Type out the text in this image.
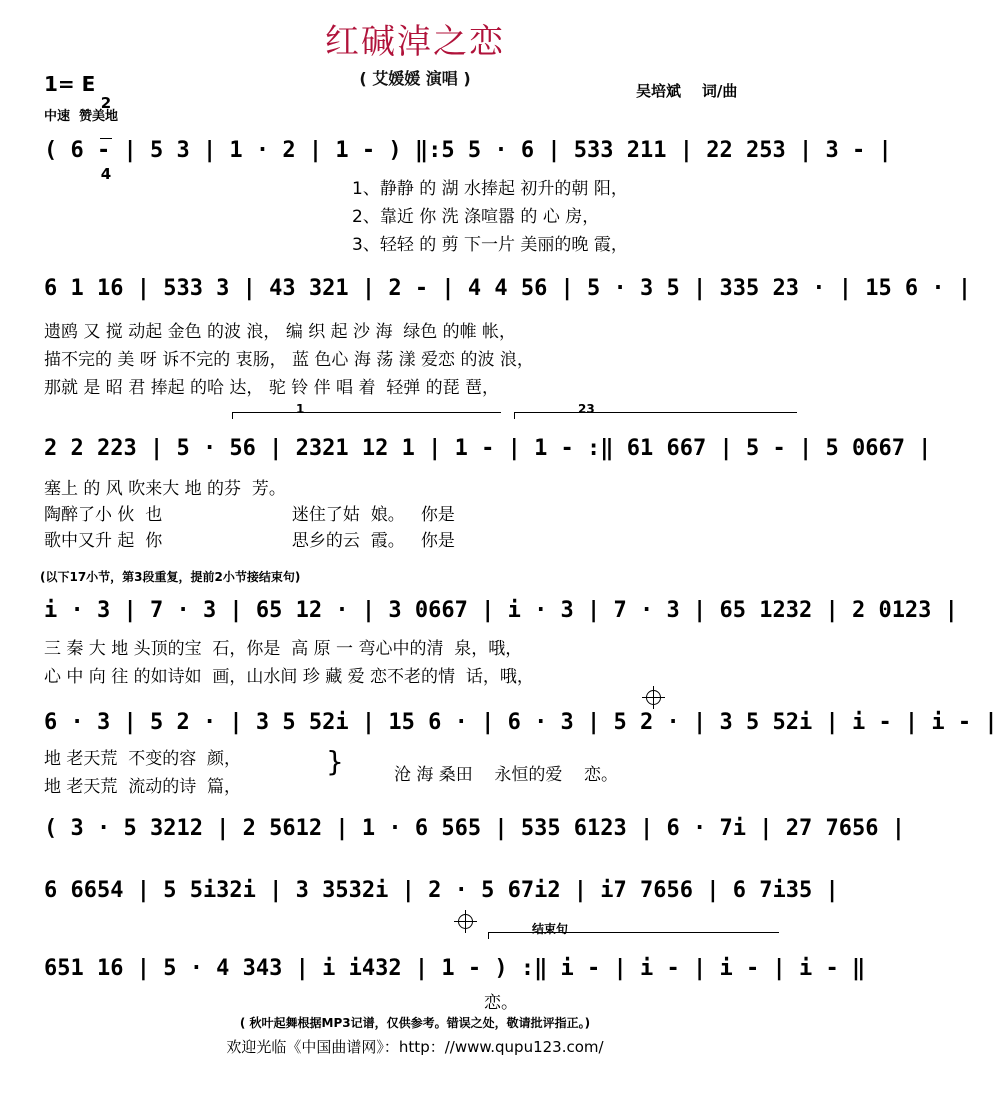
红碱淖之恋
( 艾媛媛 演唱 )
1= E

2

4

中速  赞美地
吴培斌    词/曲
( 6 - | 5 3 | 1 · 2 | 1 - ) ‖:5 5 · 6 | 533 211 | 22 253 | 3 - |
1、静静 的 湖 水捧起 初升的朝 阳，
2、靠近 你 洗 涤喧嚣 的 心 房，
3、轻轻 的 剪 下一片 美丽的晚 霞，
6 1 16 | 533 3 | 43 321 | 2 - | 4 4 56 | 5 · 3 5 | 335 23 · | 15 6 · |
遗鸥 又 搅 动起 金色 的波 浪， 编 织 起 沙 海  绿色 的帷 帐，
描不完的 美 呀 诉不完的 衷肠， 蓝 色心 海 荡 漾 爱恋 的波 浪，
那就 是 昭 君 捧起 的哈 达， 驼 铃 伴 唱 着  轻弹 的琵 琶，
1	23
2 2 223 | 5 · 56 | 2321 12 1 | 1 - | 1 - :‖ 61 667 | 5 - | 5 0667 |
塞上 的 风 吹来大 地 的芬  芳。
陶醉了小 伙  也                        迷住了姑  娘。   你是
歌中又升 起  你                        思乡的云  霞。   你是
(以下17小节，第3段重复，提前2小节接结束句)
i · 3 | 7 · 3 | 65 12 · | 3 0667 | i · 3 | 7 · 3 | 65 1232 | 2 0123 |
三 秦 大 地 头顶的宝  石，你是  高 原 一 弯心中的清  泉，哦，
心 中 向 往 的如诗如  画，山水间 珍 藏 爱 恋不老的情  话，哦，
6 · 3 | 5 2 · | 3 5 52i | 15 6 · | 6 · 3 | 5 2 · | 3 5 52i | i - | i - |
地 老天荒  不变的容  颜，
地 老天荒  流动的诗  篇，
}	沧 海 桑田    永恒的爱    恋。
( 3 · 5 3212 | 2 5612 | 1 · 6 565 | 535 6123 | 6 · 7i | 27 7656 |
6 6654 | 5 5i32i | 3 3532i | 2 · 5 67i2 | i7 7656 | 6 7i35 |
结束句
651 16 | 5 · 4 343 | i i432 | 1 - ) :‖ i - | i - | i - | i - ‖
恋。
( 秋叶起舞根据MP3记谱，仅供参考。错误之处，敬请批评指正。)
欢迎光临《中国曲谱网》：http：//www.qupu123.com/
